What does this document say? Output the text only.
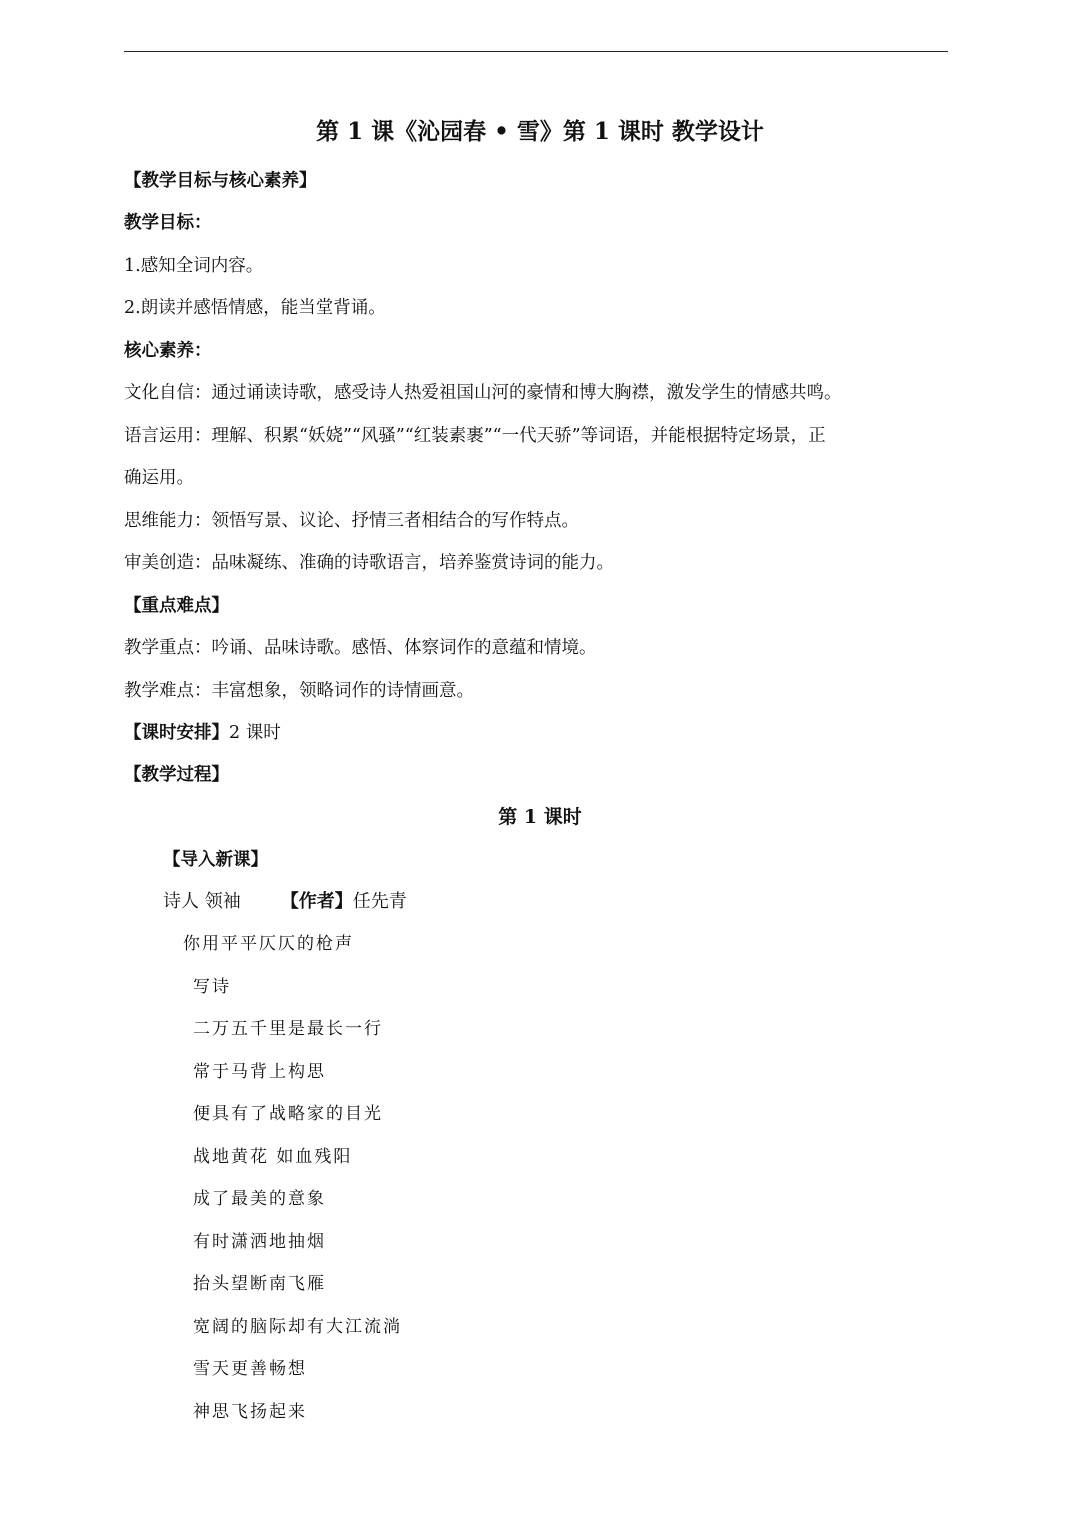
第 1 课《沁园春 • 雪》第 1 课时 教学设计
【教学目标与核心素养】
教学目标：
1.感知全词内容。
2.朗读并感悟情感，能当堂背诵。
核心素养：
文化自信：通过诵读诗歌，感受诗人热爱祖国山河的豪情和博大胸襟，激发学生的情感共鸣。
语言运用：理解、积累“妖娆”“风骚”“红装素裹”“一代天骄”等词语，并能根据特定场景，正
确运用。
思维能力：领悟写景、议论、抒情三者相结合的写作特点。
审美创造：品味凝练、准确的诗歌语言，培养鉴赏诗词的能力。
【重点难点】
教学重点：吟诵、品味诗歌。感悟、体察词作的意蕴和情境。
教学难点：丰富想象，领略词作的诗情画意。
【课时安排】2 课时
【教学过程】
第 1 课时
【导入新课】
诗人 领袖 【作者】任先青
你用平平仄仄的枪声
写诗
二万五千里是最长一行
常于马背上构思
便具有了战略家的目光
战地黄花 如血残阳
成了最美的意象
有时潇洒地抽烟
抬头望断南飞雁
宽阔的脑际却有大江流淌
雪天更善畅想
神思飞扬起来
